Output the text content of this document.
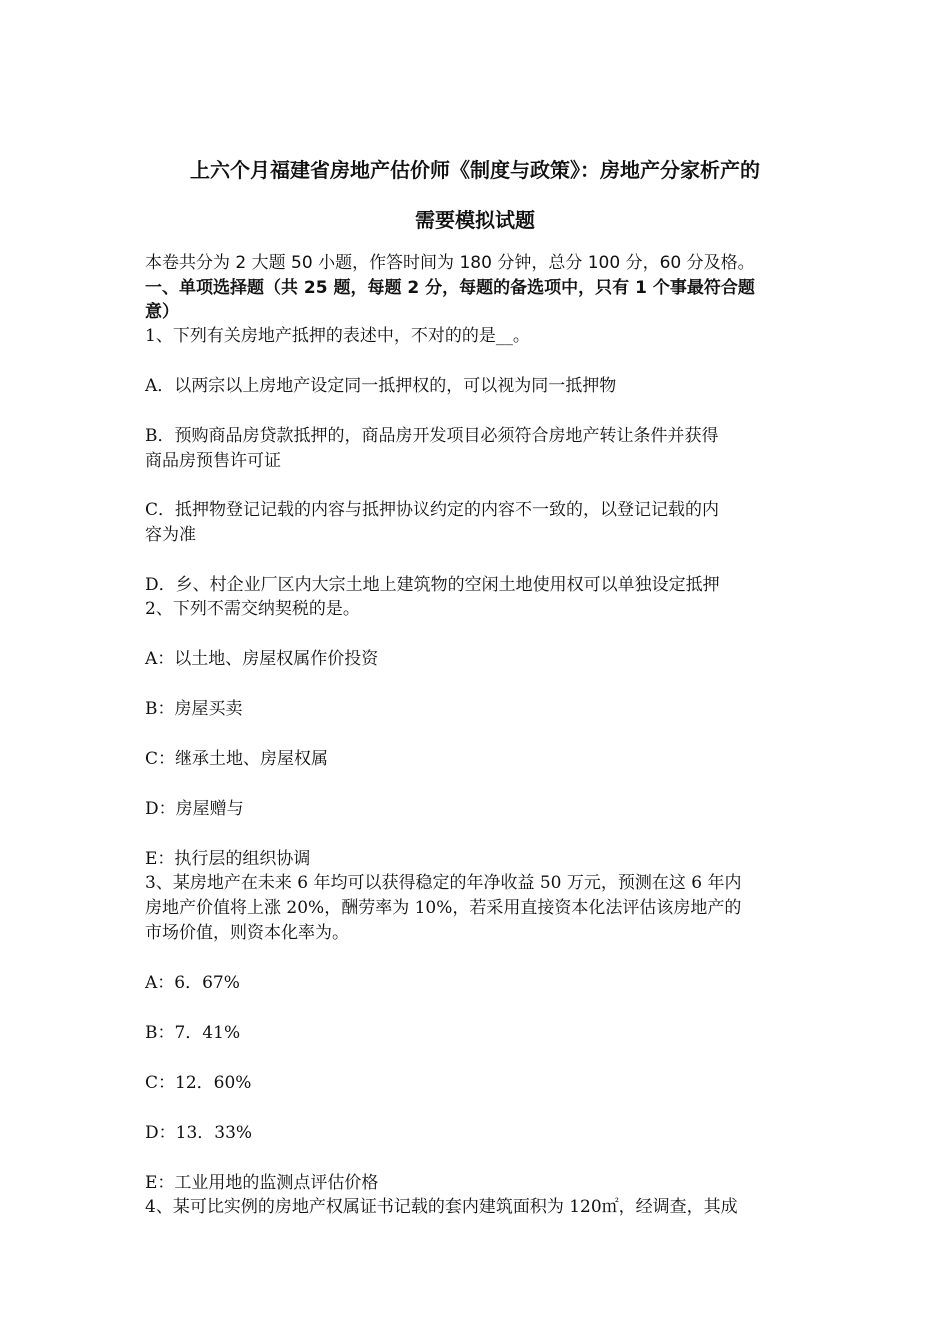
上六个月福建省房地产估价师《制度与政策》：房地产分家析产的
需要模拟试题
本卷共分为 2 大题 50 小题，作答时间为 180 分钟，总分 100 分，60 分及格。
一、单项选择题（共 25 题，每题 2 分，每题的备选项中，只有 1 个事最符合题
意）
1、下列有关房地产抵押的表述中，不对的的是__。
A．以两宗以上房地产设定同一抵押权的，可以视为同一抵押物
B．预购商品房贷款抵押的，商品房开发项目必须符合房地产转让条件并获得
商品房预售许可证
C．抵押物登记记载的内容与抵押协议约定的内容不一致的，以登记记载的内
容为准
D．乡、村企业厂区内大宗土地上建筑物的空闲土地使用权可以单独设定抵押
2、下列不需交纳契税的是。
A：以土地、房屋权属作价投资
B：房屋买卖
C：继承土地、房屋权属
D：房屋赠与
E：执行层的组织协调
3、某房地产在未来 6 年均可以获得稳定的年净收益 50 万元，预测在这 6 年内
房地产价值将上涨 20%，酬劳率为 10%，若采用直接资本化法评估该房地产的
市场价值，则资本化率为。
A：6．67%
B：7．41%
C：12．60%
D：13．33%
E：工业用地的监测点评估价格
4、某可比实例的房地产权属证书记载的套内建筑面积为 120㎡，经调查，其成
